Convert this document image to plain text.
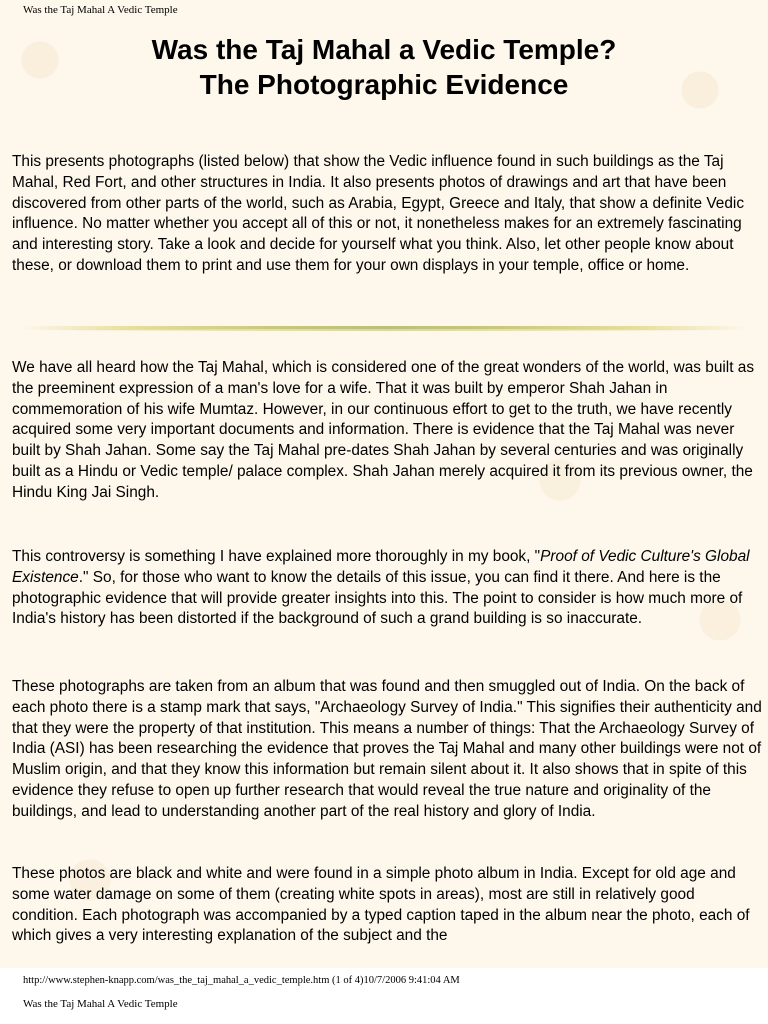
Was the Taj Mahal A Vedic Temple
Was the Taj Mahal a Vedic Temple?
The Photographic Evidence

This presents photographs (listed below) that show the Vedic influence found in such buildings as the Taj Mahal, Red Fort, and other structures in India. It also presents photos of drawings and art that have been discovered from other parts of the world, such as Arabia, Egypt, Greece and Italy, that show a definite Vedic influence. No matter whether you accept all of this or not, it nonetheless makes for an extremely fascinating and interesting story. Take a look and decide for yourself what you think. Also, let other people know about these, or download them to print and use them for your own displays in your temple, office or home.

We have all heard how the Taj Mahal, which is considered one of the great wonders of the world, was built as the preeminent expression of a man's love for a wife. That it was built by emperor Shah Jahan in commemoration of his wife Mumtaz. However, in our continuous effort to get to the truth, we have recently acquired some very important documents and information. There is evidence that the Taj Mahal was never built by Shah Jahan. Some say the Taj Mahal pre-dates Shah Jahan by several centuries and was originally built as a Hindu or Vedic temple/ palace complex. Shah Jahan merely acquired it from its previous owner, the Hindu King Jai Singh.

This controversy is something I have explained more thoroughly in my book, "Proof of Vedic Culture's Global Existence." So, for those who want to know the details of this issue, you can find it there. And here is the photographic evidence that will provide greater insights into this. The point to consider is how much more of India's history has been distorted if the background of such a grand building is so inaccurate.

These photographs are taken from an album that was found and then smuggled out of India. On the back of each photo there is a stamp mark that says, "Archaeology Survey of India." This signifies their authenticity and that they were the property of that institution. This means a number of things: That the Archaeology Survey of India (ASI) has been researching the evidence that proves the Taj Mahal and many other buildings were not of Muslim origin, and that they know this information but remain silent about it. It also shows that in spite of this evidence they refuse to open up further research that would reveal the true nature and originality of the buildings, and lead to understanding another part of the real history and glory of India.

These photos are black and white and were found in a simple photo album in India. Except for old age and some water damage on some of them (creating white spots in areas), most are still in relatively good condition. Each photograph was accompanied by a typed caption taped in the album near the photo, each of which gives a very interesting explanation of the subject and the

http://www.stephen-knapp.com/was_the_taj_mahal_a_vedic_temple.htm (1 of 4)10/7/2006 9:41:04 AM
Was the Taj Mahal A Vedic Temple
